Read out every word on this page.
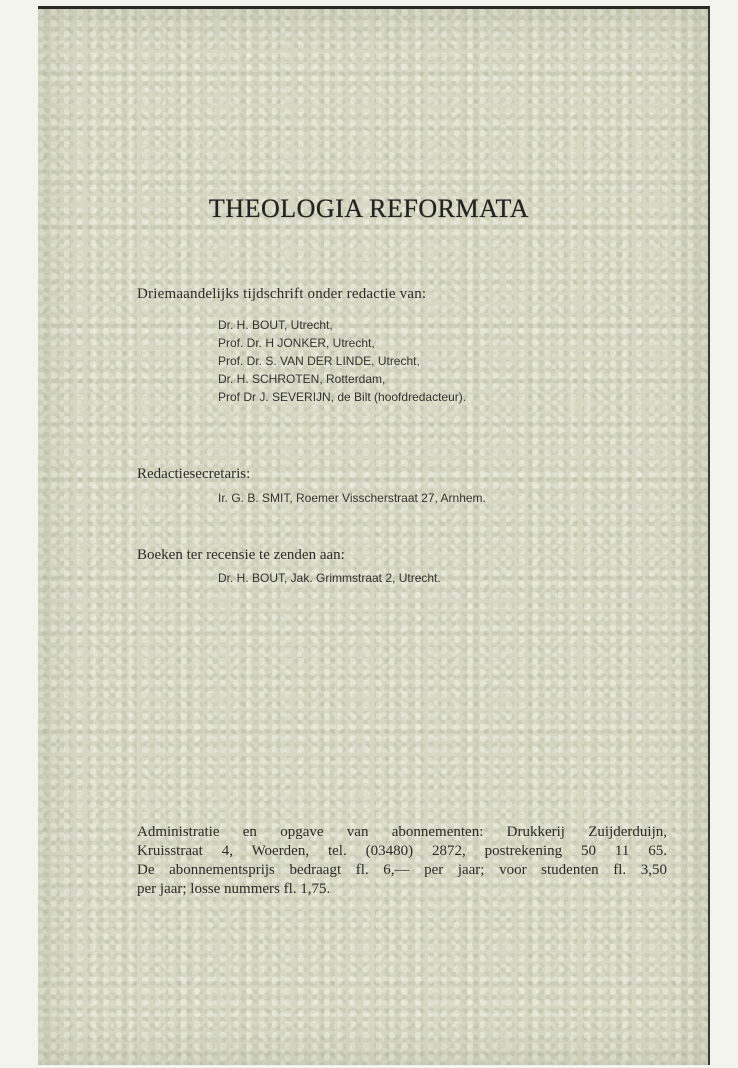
THEOLOGIA REFORMATA
Driemaandelijks tijdschrift onder redactie van:
Dr. H. BOUT, Utrecht,
Prof. Dr. H JONKER, Utrecht,
Prof. Dr. S. VAN DER LINDE, Utrecht,
Dr. H. SCHROTEN, Rotterdam,
Prof Dr J. SEVERIJN, de Bilt (hoofdredacteur).
Redactiesecretaris:
Ir. G. B. SMIT, Roemer Visscherstraat 27, Arnhem.
Boeken ter recensie te zenden aan:
Dr. H. BOUT, Jak. Grimmstraat 2, Utrecht.
Administratie en opgave van abonnementen: Drukkerij Zuijderduijn,
Kruisstraat 4, Woerden, tel. (03480) 2872, postrekening 50 11 65.
De abonnementsprijs bedraagt fl. 6,— per jaar; voor studenten fl. 3,50
per jaar; losse nummers fl. 1,75.
